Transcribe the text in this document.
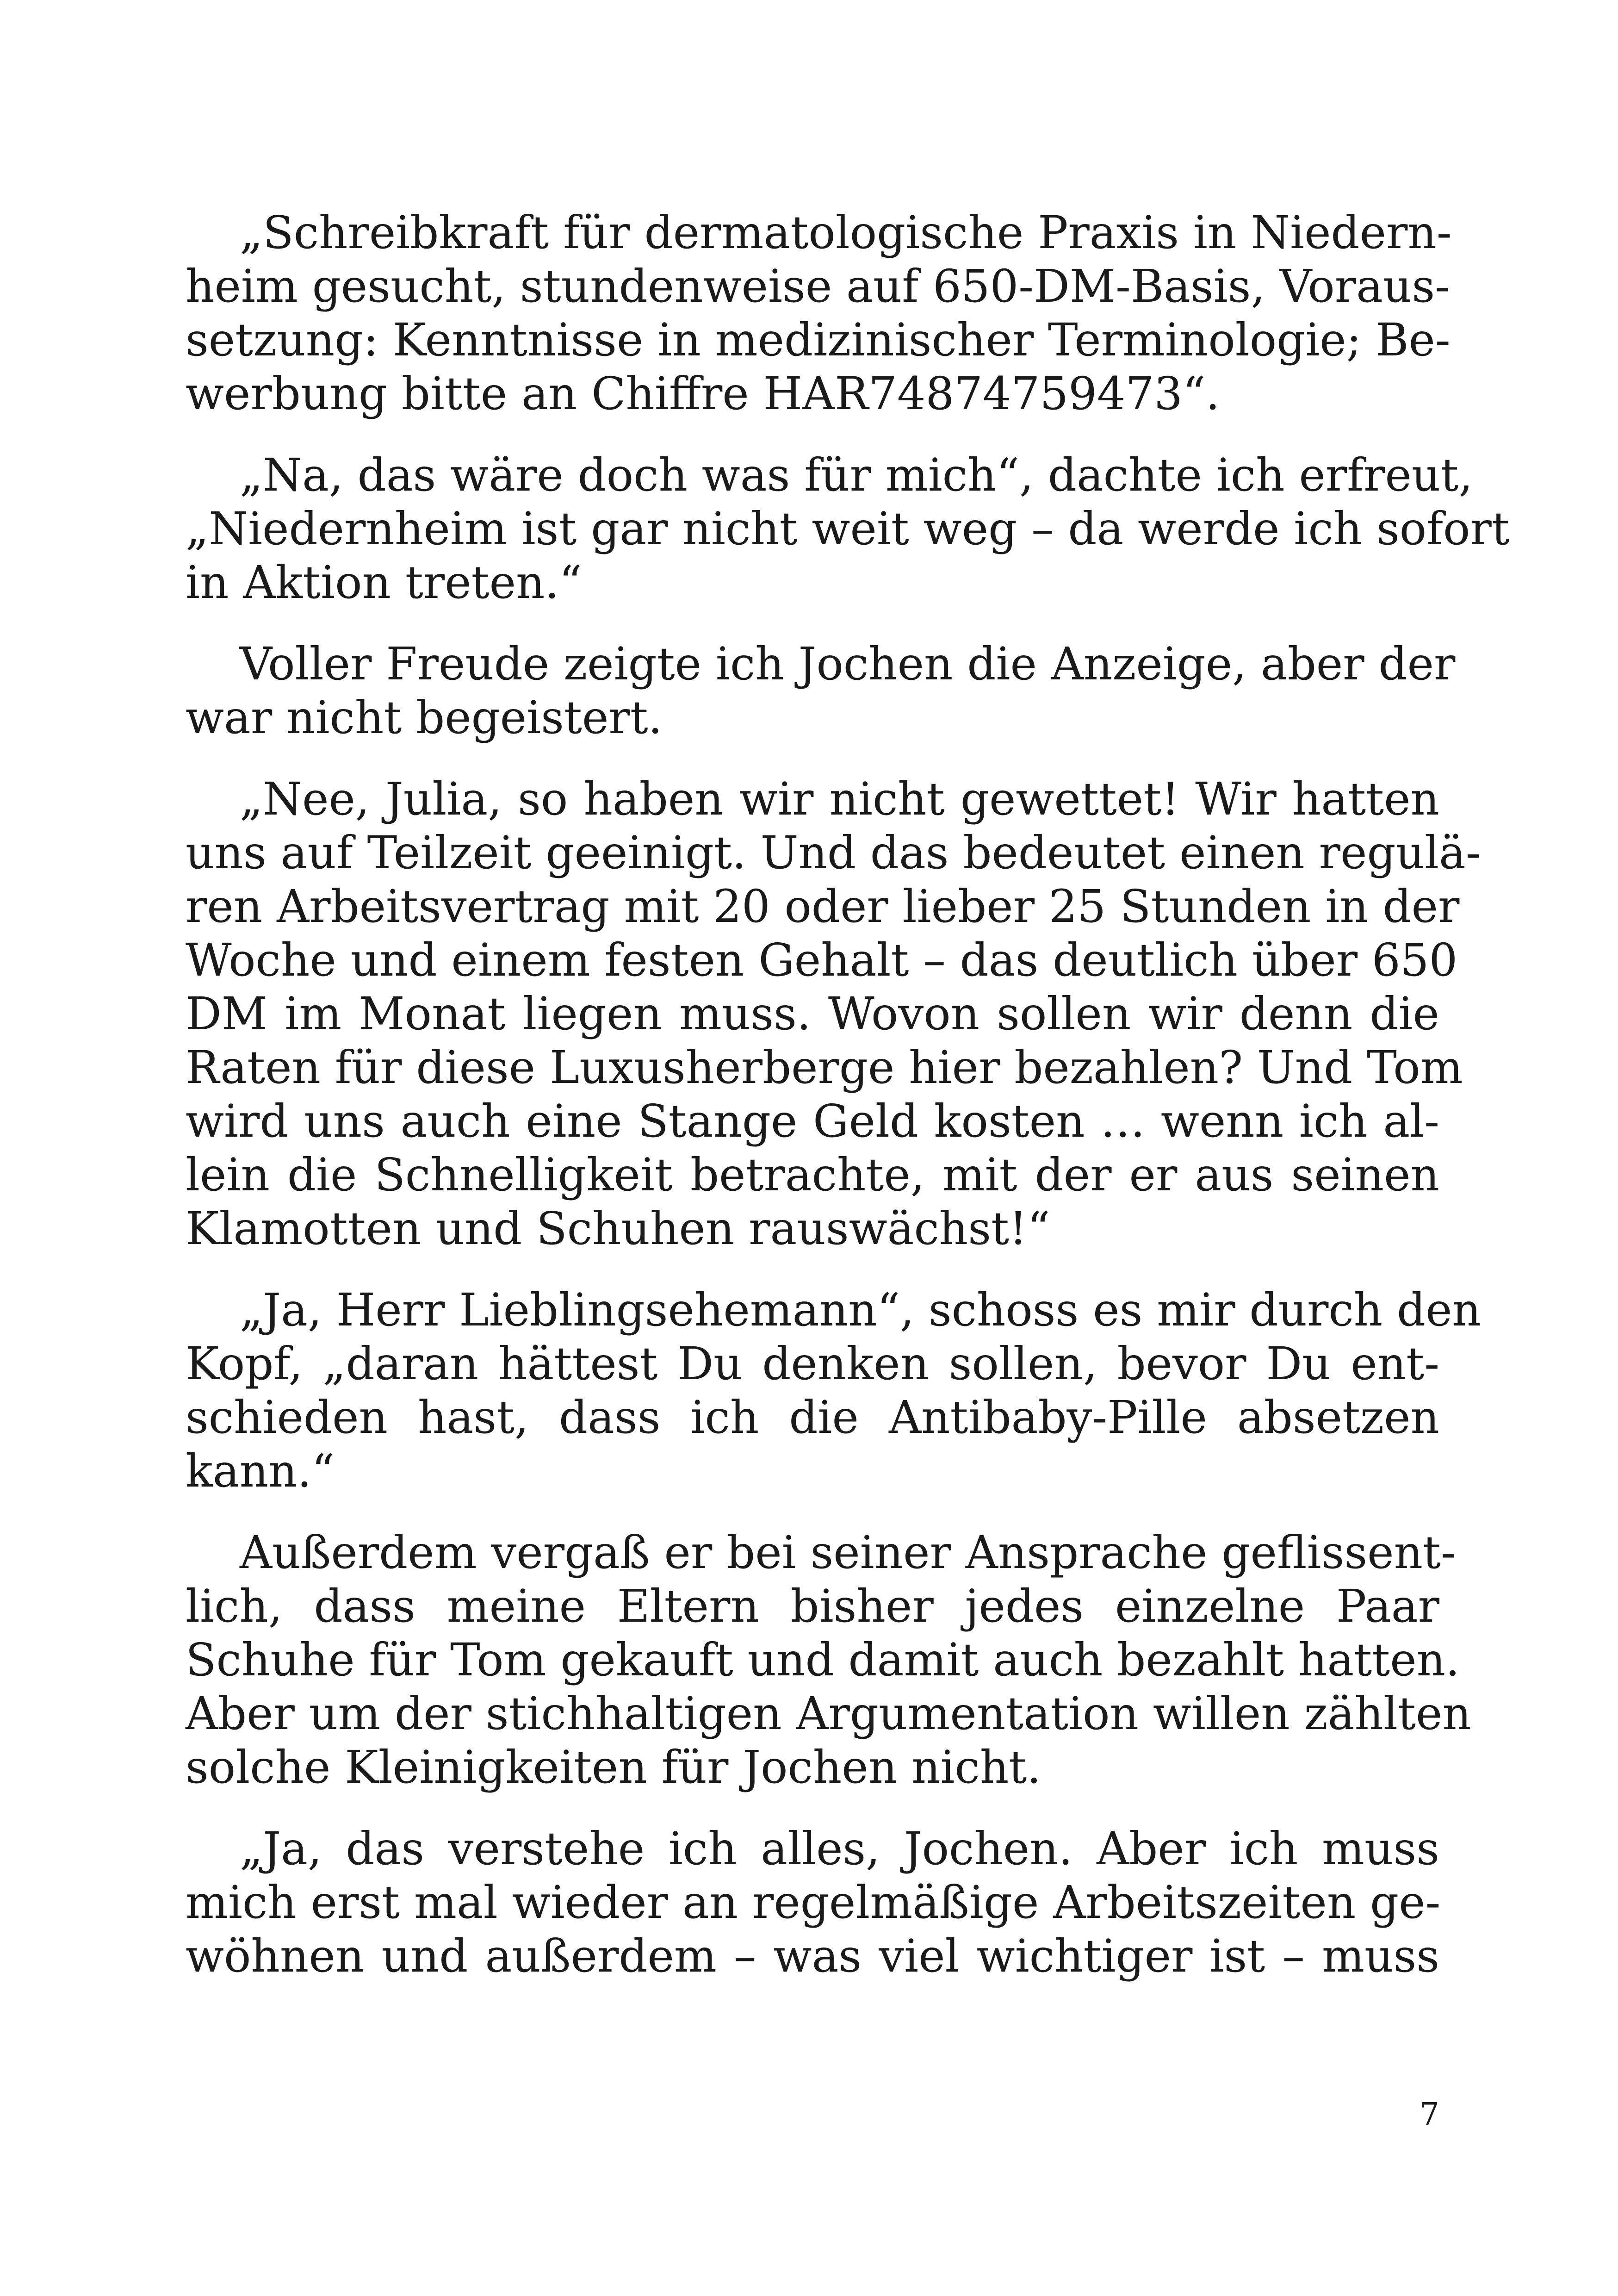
„Schreibkraft für dermatologische Praxis in Niedern-
heim gesucht, stundenweise auf 650-DM-Basis, Voraus-
setzung: Kenntnisse in medizinischer Terminologie; Be-
werbung bitte an Chiffre HAR74874759473“.

„Na, das wäre doch was für mich“, dachte ich erfreut,
„Niedernheim ist gar nicht weit weg – da werde ich sofort
in Aktion treten.“

Voller Freude zeigte ich Jochen die Anzeige, aber der
war nicht begeistert.

„Nee, Julia, so haben wir nicht gewettet! Wir hatten
uns auf Teilzeit geeinigt. Und das bedeutet einen regulä-
ren Arbeitsvertrag mit 20 oder lieber 25 Stunden in der
Woche und einem festen Gehalt – das deutlich über 650
DM im Monat liegen muss. Wovon sollen wir denn die
Raten für diese Luxusherberge hier bezahlen? Und Tom
wird uns auch eine Stange Geld kosten … wenn ich al-
lein die Schnelligkeit betrachte, mit der er aus seinen
Klamotten und Schuhen rauswächst!“

„Ja, Herr Lieblingsehemann“, schoss es mir durch den
Kopf, „daran hättest Du denken sollen, bevor Du ent-
schieden hast, dass ich die Antibaby-Pille absetzen
kann.“

Außerdem vergaß er bei seiner Ansprache geflissent-
lich, dass meine Eltern bisher jedes einzelne Paar
Schuhe für Tom gekauft und damit auch bezahlt hatten.
Aber um der stichhaltigen Argumentation willen zählten
solche Kleinigkeiten für Jochen nicht.

„Ja, das verstehe ich alles, Jochen. Aber ich muss
mich erst mal wieder an regelmäßige Arbeitszeiten ge-
wöhnen und außerdem – was viel wichtiger ist – muss

7
